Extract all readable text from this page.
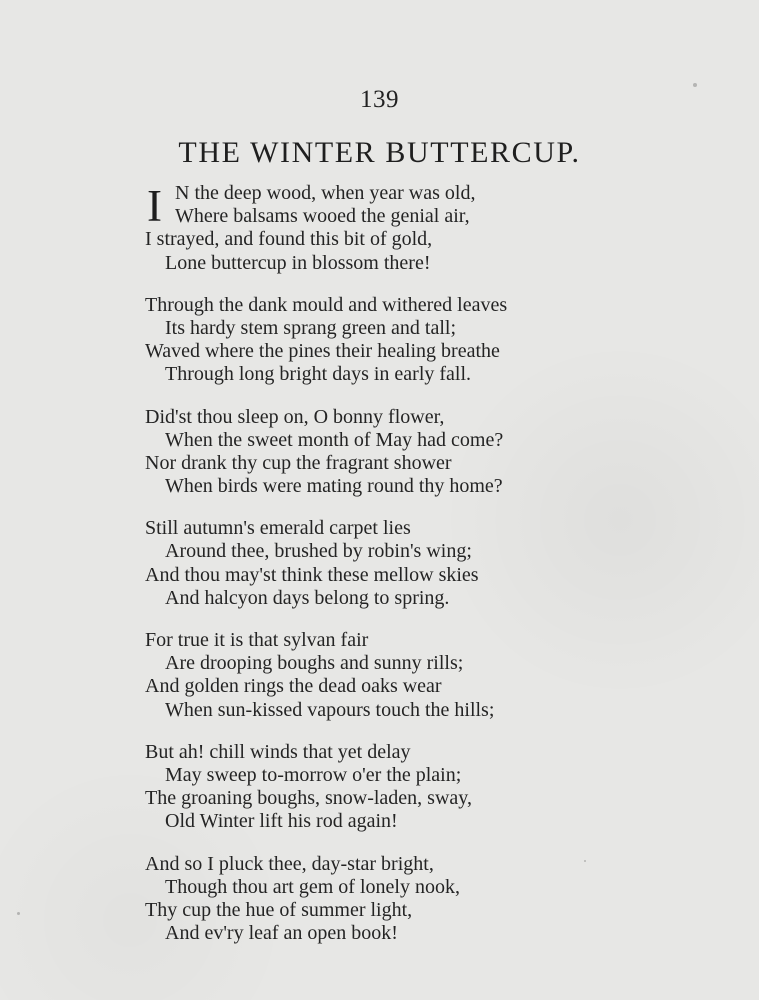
139
THE WINTER BUTTERCUP.
I N the deep wood, when year was old,
Where balsams wooed the genial air,
I strayed, and found this bit of gold,
Lone buttercup in blossom there!
Through the dank mould and withered leaves
Its hardy stem sprang green and tall;
Waved where the pines their healing breathe
Through long bright days in early fall.
Did'st thou sleep on, O bonny flower,
When the sweet month of May had come?
Nor drank thy cup the fragrant shower
When birds were mating round thy home?
Still autumn's emerald carpet lies
Around thee, brushed by robin's wing;
And thou may'st think these mellow skies
And halcyon days belong to spring.
For true it is that sylvan fair
Are drooping boughs and sunny rills;
And golden rings the dead oaks wear
When sun-kissed vapours touch the hills;
But ah! chill winds that yet delay
May sweep to-morrow o'er the plain;
The groaning boughs, snow-laden, sway,
Old Winter lift his rod again!
And so I pluck thee, day-star bright,
Though thou art gem of lonely nook,
Thy cup the hue of summer light,
And ev'ry leaf an open book!
